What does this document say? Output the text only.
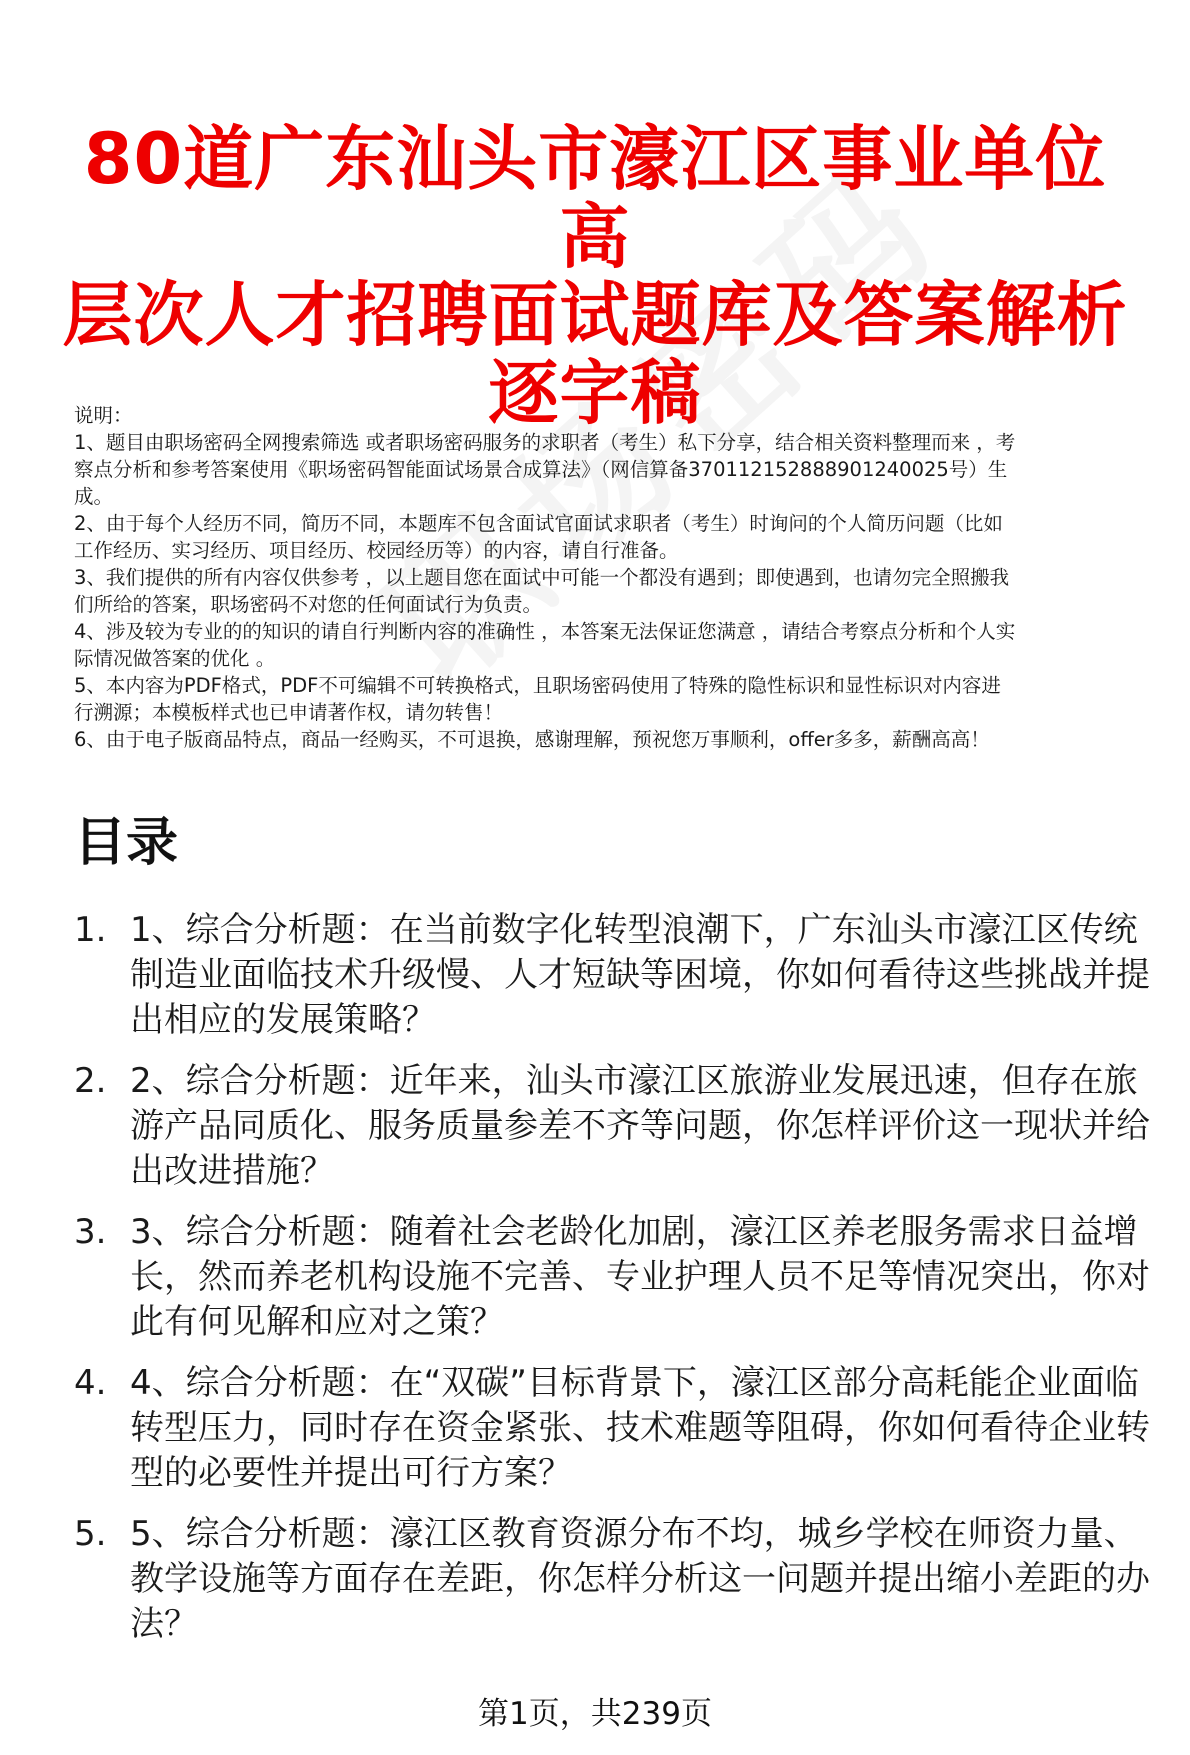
80道广东汕头市濠江区事业单位高
层次人才招聘面试题库及答案解析
逐字稿
说明：
1、题目由职场密码全网搜索筛选 或者职场密码服务的求职者（考生）私下分享，结合相关资料整理而来 ，考
察点分析和参考答案使用《职场密码智能面试场景合成算法》（网信算备370112152888901240025号）生
成。
2、由于每个人经历不同，简历不同，本题库不包含面试官面试求职者（考生）时询问的个人简历问题（比如
工作经历、实习经历、项目经历、校园经历等）的内容，请自行准备。
3、我们提供的所有内容仅供参考 ，以上题目您在面试中可能一个都没有遇到；即使遇到，也请勿完全照搬我
们所给的答案，职场密码不对您的任何面试行为负责。
4、涉及较为专业的的知识的请自行判断内容的准确性 ，本答案无法保证您满意 ，请结合考察点分析和个人实
际情况做答案的优化 。
5、本内容为PDF格式，PDF不可编辑不可转换格式，且职场密码使用了特殊的隐性标识和显性标识对内容进
行溯源；本模板样式也已申请著作权，请勿转售！
6、由于电子版商品特点，商品一经购买，不可退换，感谢理解，预祝您万事顺利，offer多多，薪酬高高！
目录
1. 1、综合分析题：在当前数字化转型浪潮下，广东汕头市濠江区传统制造业面临技术升级慢、人才短缺等困境，你如何看待这些挑战并提出相应的发展策略？
2. 2、综合分析题：近年来，汕头市濠江区旅游业发展迅速，但存在旅游产品同质化、服务质量参差不齐等问题，你怎样评价这一现状并给出改进措施？
3. 3、综合分析题：随着社会老龄化加剧，濠江区养老服务需求日益增长，然而养老机构设施不完善、专业护理人员不足等情况突出，你对此有何见解和应对之策？
4. 4、综合分析题：在“双碳”目标背景下，濠江区部分高耗能企业面临转型压力，同时存在资金紧张、技术难题等阻碍，你如何看待企业转型的必要性并提出可行方案？
5. 5、综合分析题：濠江区教育资源分布不均，城乡学校在师资力量、教学设施等方面存在差距，你怎样分析这一问题并提出缩小差距的办法？
第1页，共239页
